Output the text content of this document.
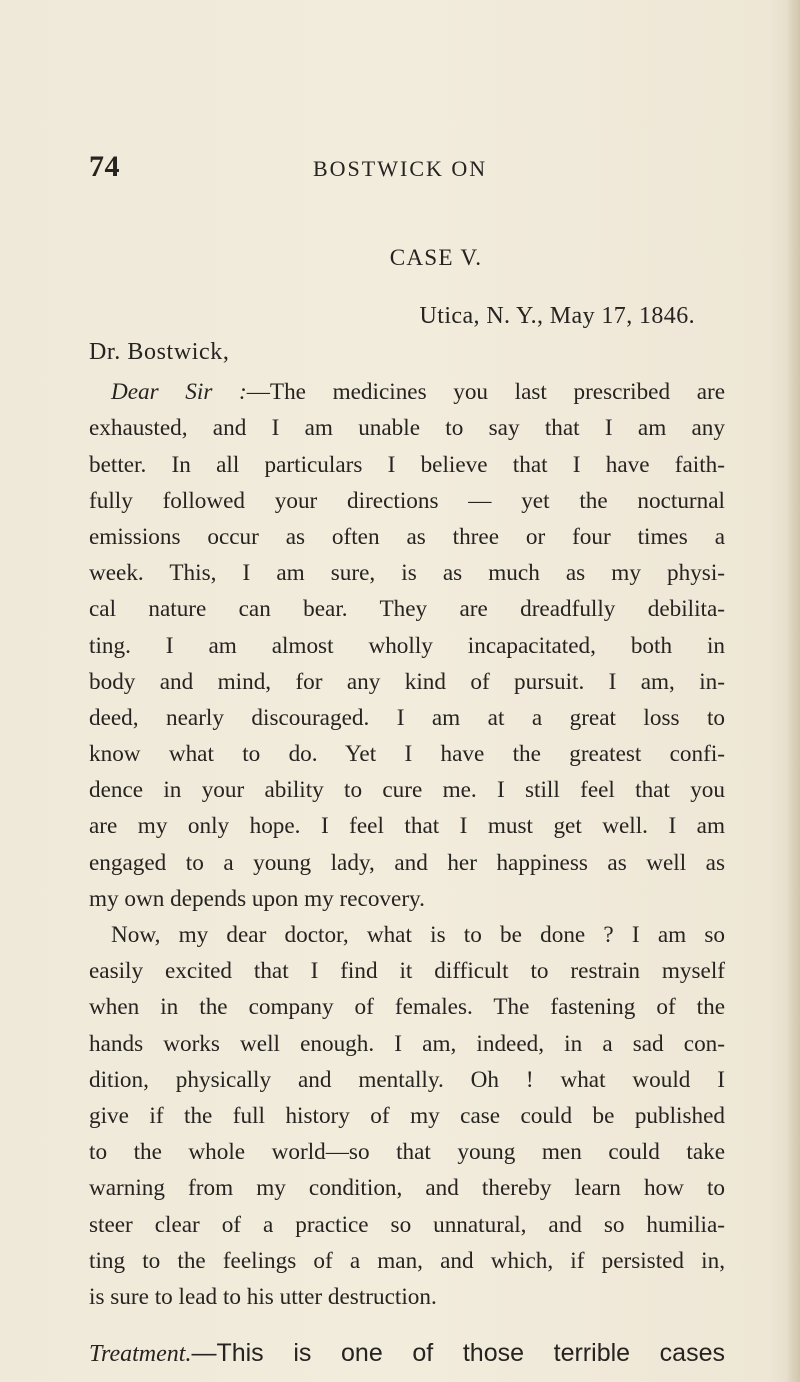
74	BOSTWICK ON
CASE V.
Utica, N. Y., May 17, 1846.
Dr. Bostwick,
Dear Sir :—The medicines you last prescribed are
exhausted, and I am unable to say that I am any
better. In all particulars I believe that I have faith-
fully followed your directions — yet the nocturnal
emissions occur as often as three or four times a
week. This, I am sure, is as much as my physi-
cal nature can bear. They are dreadfully debilita-
ting. I am almost wholly incapacitated, both in
body and mind, for any kind of pursuit. I am, in-
deed, nearly discouraged. I am at a great loss to
know what to do. Yet I have the greatest confi-
dence in your ability to cure me. I still feel that you
are my only hope. I feel that I must get well. I am
engaged to a young lady, and her happiness as well as
my own depends upon my recovery.
Now, my dear doctor, what is to be done ? I am so
easily excited that I find it difficult to restrain myself
when in the company of females. The fastening of the
hands works well enough. I am, indeed, in a sad con-
dition, physically and mentally. Oh ! what would I
give if the full history of my case could be published
to the whole world—so that young men could take
warning from my condition, and thereby learn how to
steer clear of a practice so unnatural, and so humilia-
ting to the feelings of a man, and which, if persisted in,
is sure to lead to his utter destruction.
Treatment.—This is one of those terrible cases
